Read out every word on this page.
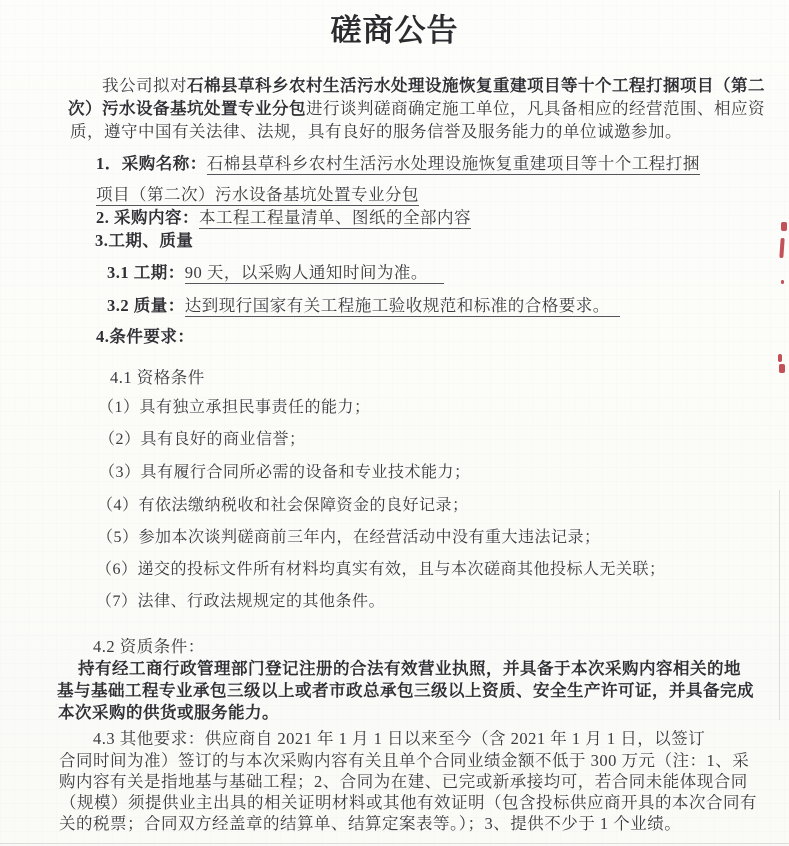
磋商公告
我公司拟对石棉县草科乡农村生活污水处理设施恢复重建项目等十个工程打捆项目（第二
次）污水设备基坑处置专业分包进行谈判磋商确定施工单位，凡具备相应的经营范围、相应资
质，遵守中国有关法律、法规，具有良好的服务信誉及服务能力的单位诚邀参加。
1．采购名称：石棉县草科乡农村生活污水处理设施恢复重建项目等十个工程打捆
项目（第二次）污水设备基坑处置专业分包
2. 采购内容：本工程工程量清单、图纸的全部内容
3.工期、质量
3.1 工期：90 天，以采购人通知时间为准。
3.2 质量：达到现行国家有关工程施工验收规范和标准的合格要求。
4.条件要求：
4.1 资格条件
（1）具有独立承担民事责任的能力；
（2）具有良好的商业信誉；
（3）具有履行合同所必需的设备和专业技术能力；
（4）有依法缴纳税收和社会保障资金的良好记录；
（5）参加本次谈判磋商前三年内，在经营活动中没有重大违法记录；
（6）递交的投标文件所有材料均真实有效，且与本次磋商其他投标人无关联；
（7）法律、行政法规规定的其他条件。
4.2 资质条件：
持有经工商行政管理部门登记注册的合法有效营业执照，并具备于本次采购内容相关的地
基与基础工程专业承包三级以上或者市政总承包三级以上资质、安全生产许可证，并具备完成
本次采购的供货或服务能力。
4.3 其他要求：供应商自 2021 年 1 月 1 日以来至今（含 2021 年 1 月 1 日，以签订
合同时间为准）签订的与本次采购内容有关且单个合同业绩金额不低于 300 万元（注：1、采
购内容有关是指地基与基础工程；2、合同为在建、已完或新承接均可，若合同未能体现合同
（规模）须提供业主出具的相关证明材料或其他有效证明（包含投标供应商开具的本次合同有
关的税票；合同双方经盖章的结算单、结算定案表等。）；3、提供不少于 1 个业绩。
